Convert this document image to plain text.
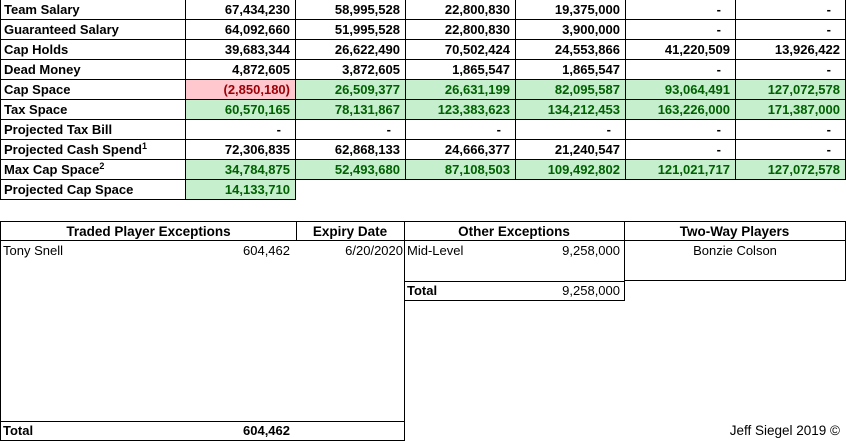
Team Salary	67,434,230	58,995,528	22,800,830	19,375,000	-	-
Guaranteed Salary	64,092,660	51,995,528	22,800,830	3,900,000	-	-
Cap Holds	39,683,344	26,622,490	70,502,424	24,553,866	41,220,509	13,926,422
Dead Money	4,872,605	3,872,605	1,865,547	1,865,547	-	-
Cap Space	(2,850,180)	26,509,377	26,631,199	82,095,587	93,064,491	127,072,578
Tax Space	60,570,165	78,131,867	123,383,623	134,212,453	163,226,000	171,387,000
Projected Tax Bill	-	-	-	-	-	-
Projected Cash Spend$^1$	72,306,835	62,868,133	24,666,377	21,240,547	-	-
Max Cap Space$^2$	34,784,875	52,493,680	87,108,503	109,492,802	121,021,717	127,072,578
Projected Cap Space	14,133,710
Traded Player Exceptions	Expiry Date
Tony Snell	604,462	6/20/2020
Total	604,462
Other Exceptions
Mid-Level	9,258,000
Total	9,258,000
Two-Way Players
Bonzie Colson
Jeff Siegel 2019 ©
